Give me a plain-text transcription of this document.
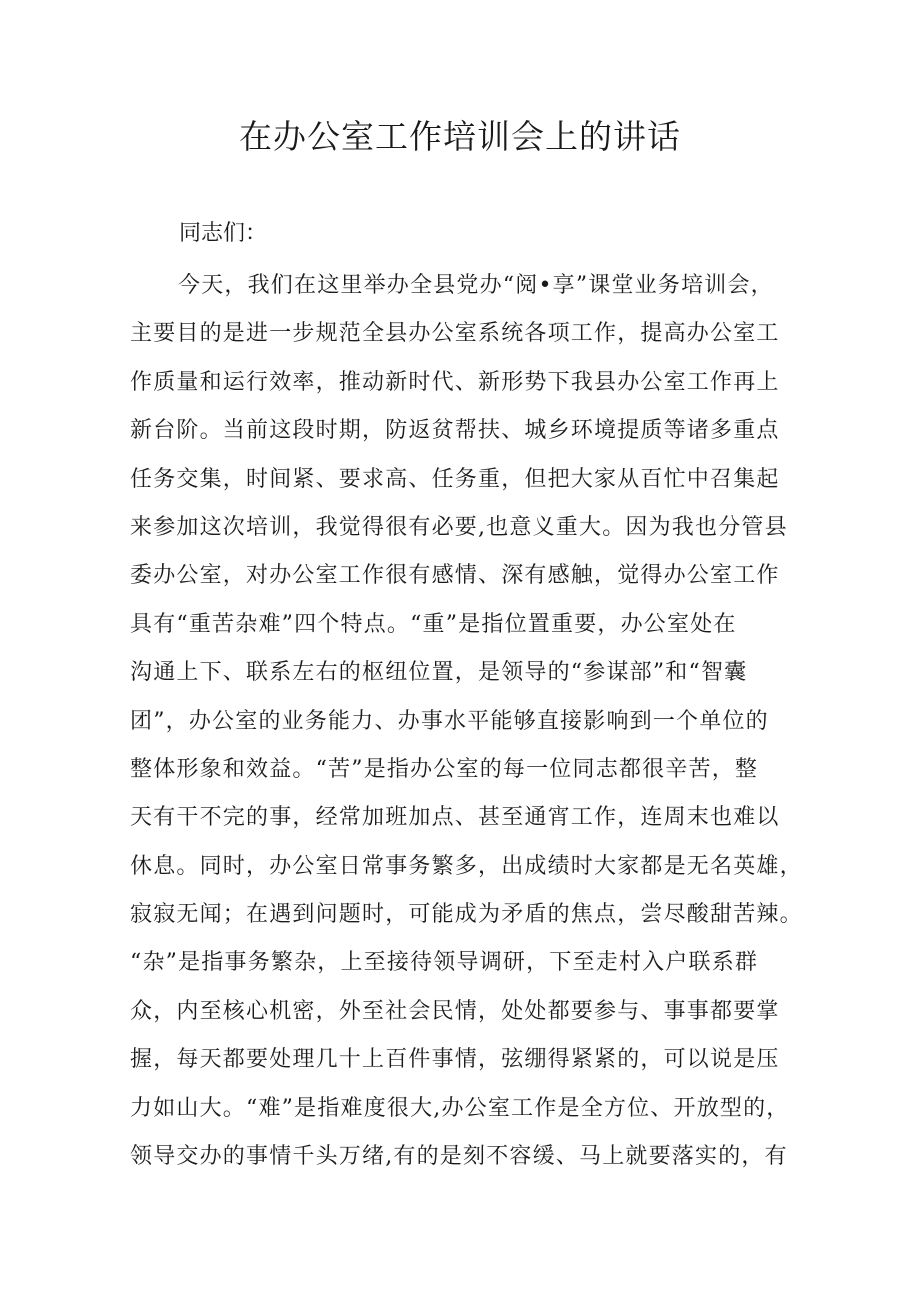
在办公室工作培训会上的讲话

同志们：

今天，我们在这里举办全县党办“阅•享”课堂业务培训会，
主要目的是进一步规范全县办公室系统各项工作，提高办公室工
作质量和运行效率，推动新时代、新形势下我县办公室工作再上
新台阶。当前这段时期，防返贫帮扶、城乡环境提质等诸多重点
任务交集，时间紧、要求高、任务重，但把大家从百忙中召集起
来参加这次培训，我觉得很有必要,也意义重大。因为我也分管县
委办公室，对办公室工作很有感情、深有感触，觉得办公室工作
具有“重苦杂难”四个特点。“重”是指位置重要，办公室处在
沟通上下、联系左右的枢纽位置，是领导的“参谋部”和“智囊
团”，办公室的业务能力、办事水平能够直接影响到一个单位的
整体形象和效益。“苦”是指办公室的每一位同志都很辛苦，整
天有干不完的事，经常加班加点、甚至通宵工作，连周末也难以
休息。同时，办公室日常事务繁多，出成绩时大家都是无名英雄，
寂寂无闻；在遇到问题时，可能成为矛盾的焦点，尝尽酸甜苦辣。
“杂”是指事务繁杂，上至接待领导调研，下至走村入户联系群
众，内至核心机密，外至社会民情，处处都要参与、事事都要掌
握，每天都要处理几十上百件事情，弦绷得紧紧的，可以说是压
力如山大。“难”是指难度很大,办公室工作是全方位、开放型的，
领导交办的事情千头万绪,有的是刻不容缓、马上就要落实的，有
